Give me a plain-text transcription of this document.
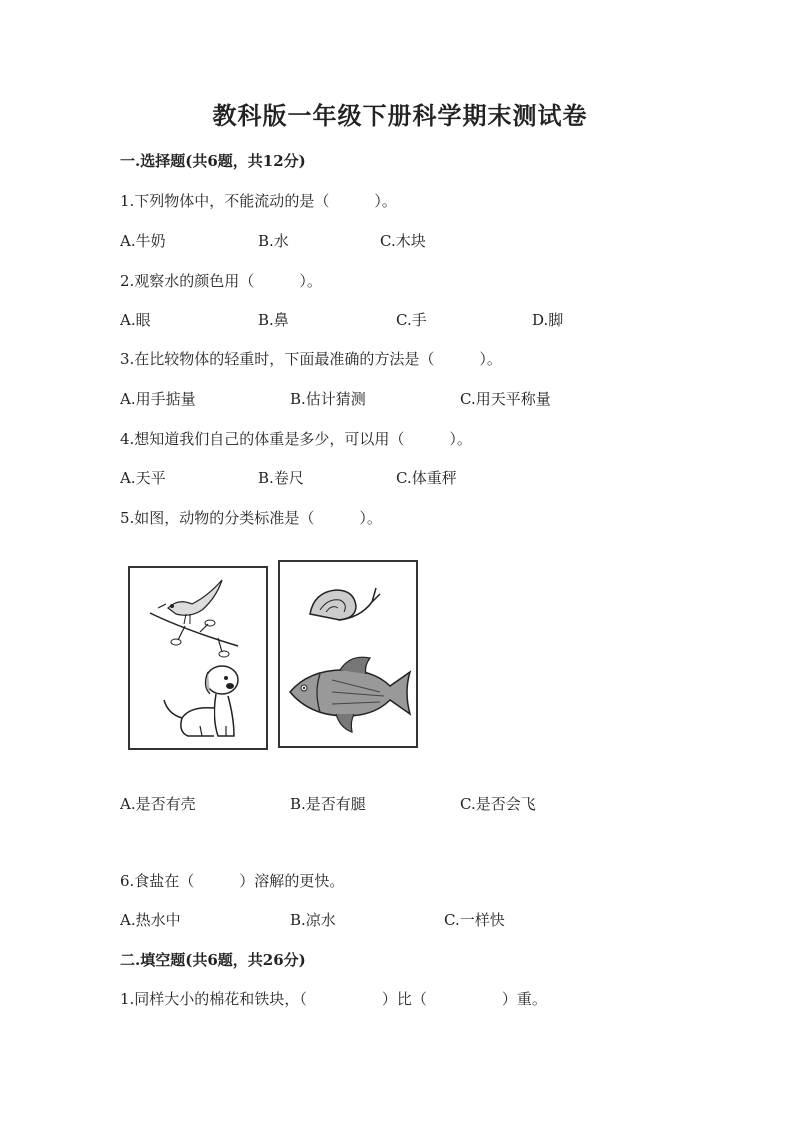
教科版一年级下册科学期末测试卷
一.选择题(共6题，共12分)
1.下列物体中，不能流动的是（　　　）。
A.牛奶	B.水	C.木块
2.观察水的颜色用（　　　）。
A.眼	B.鼻	C.手	D.脚
3.在比较物体的轻重时，下面最准确的方法是（　　　）。
A.用手掂量	B.估计猜测	C.用天平称量
4.想知道我们自己的体重是多少，可以用（　　　）。
A.天平	B.卷尺	C.体重秤
5.如图，动物的分类标准是（　　　）。
A.是否有壳	B.是否有腿	C.是否会飞
6.食盐在（　　　）溶解的更快。
A.热水中	B.凉水	C.一样快
二.填空题(共6题，共26分)
1.同样大小的棉花和铁块，（　　　　　）比（　　　　　）重。
